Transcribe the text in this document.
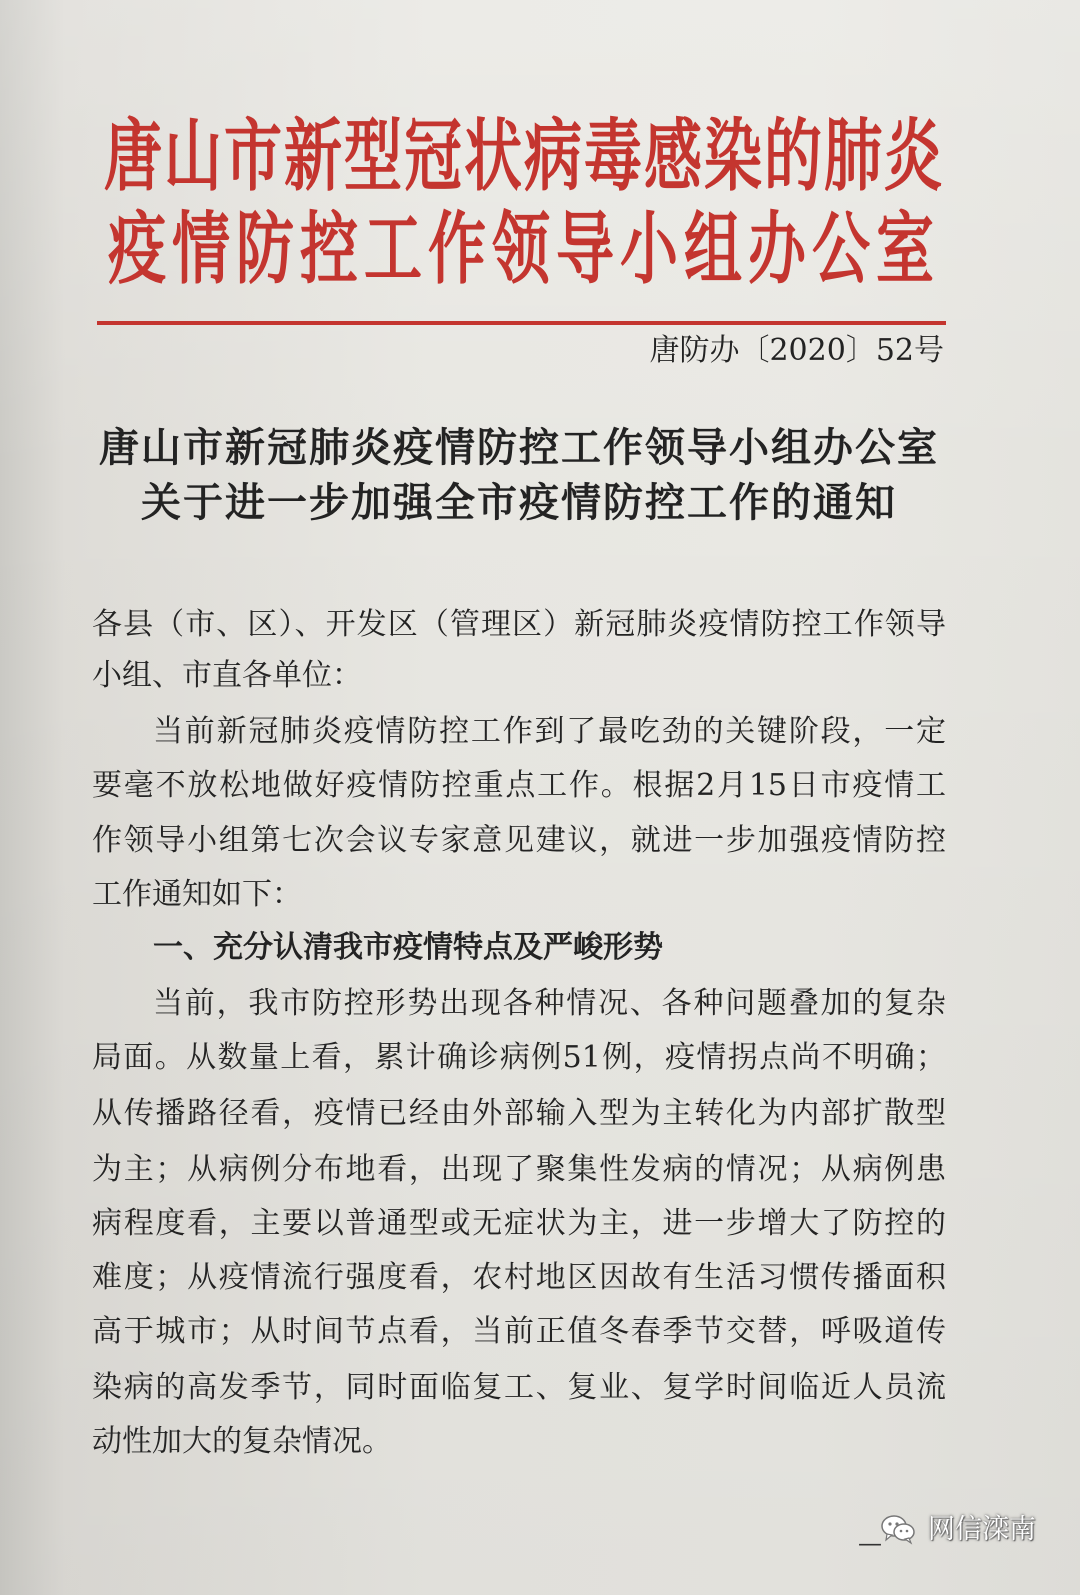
唐山市新型冠状病毒感染的肺炎
疫情防控工作领导小组办公室
唐防办〔2020〕52号
唐山市新冠肺炎疫情防控工作领导小组办公室
关于进一步加强全市疫情防控工作的通知
各县（市、区）、开发区（管理区）新冠肺炎疫情防控工作领导
小组、市直各单位：
当前新冠肺炎疫情防控工作到了最吃劲的关键阶段，一定
要毫不放松地做好疫情防控重点工作。根据2月15日市疫情工
作领导小组第七次会议专家意见建议，就进一步加强疫情防控
工作通知如下：
一、充分认清我市疫情特点及严峻形势
当前，我市防控形势出现各种情况、各种问题叠加的复杂
局面。从数量上看，累计确诊病例51例，疫情拐点尚不明确；
从传播路径看，疫情已经由外部输入型为主转化为内部扩散型
为主；从病例分布地看，出现了聚集性发病的情况；从病例患
病程度看，主要以普通型或无症状为主，进一步增大了防控的
难度；从疫情流行强度看，农村地区因故有生活习惯传播面积
高于城市；从时间节点看，当前正值冬春季节交替，呼吸道传
染病的高发季节，同时面临复工、复业、复学时间临近人员流
动性加大的复杂情况。
— 网信滦南
